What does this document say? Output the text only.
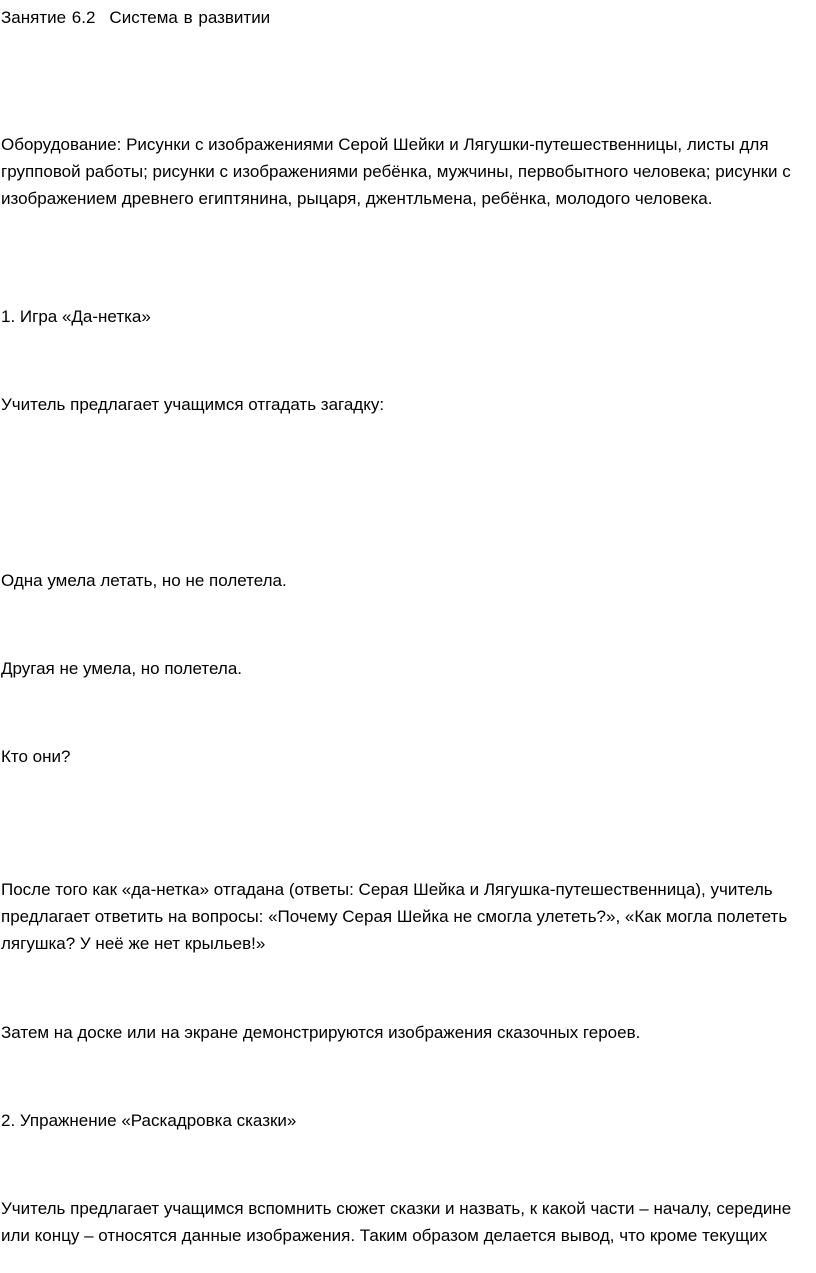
Занятие 6.2 Система в развитии

Оборудование: Рисунки с изображениями Серой Шейки и Лягушки-путешественницы, листы для групповой работы; рисунки с изображениями ребёнка, мужчины, первобытного человека; рисунки с изображением древнего египтянина, рыцаря, джентльмена, ребёнка, молодого человека.

1. Игра «Да-нетка»

Учитель предлагает учащимся отгадать загадку:

Одна умела летать, но не полетела.

Другая не умела, но полетела.

Кто они?

После того как «да-нетка» отгадана (ответы: Серая Шейка и Лягушка-путешественница), учитель предлагает ответить на вопросы: «Почему Серая Шейка не смогла улететь?», «Как могла полететь лягушка? У неё же нет крыльев!»

Затем на доске или на экране демонстрируются изображения сказочных героев.

2. Упражнение «Раскадровка сказки»

Учитель предлагает учащимся вспомнить сюжет сказки и назвать, к какой части – началу, середине или концу – относятся данные изображения. Таким образом делается вывод, что кроме текущих
